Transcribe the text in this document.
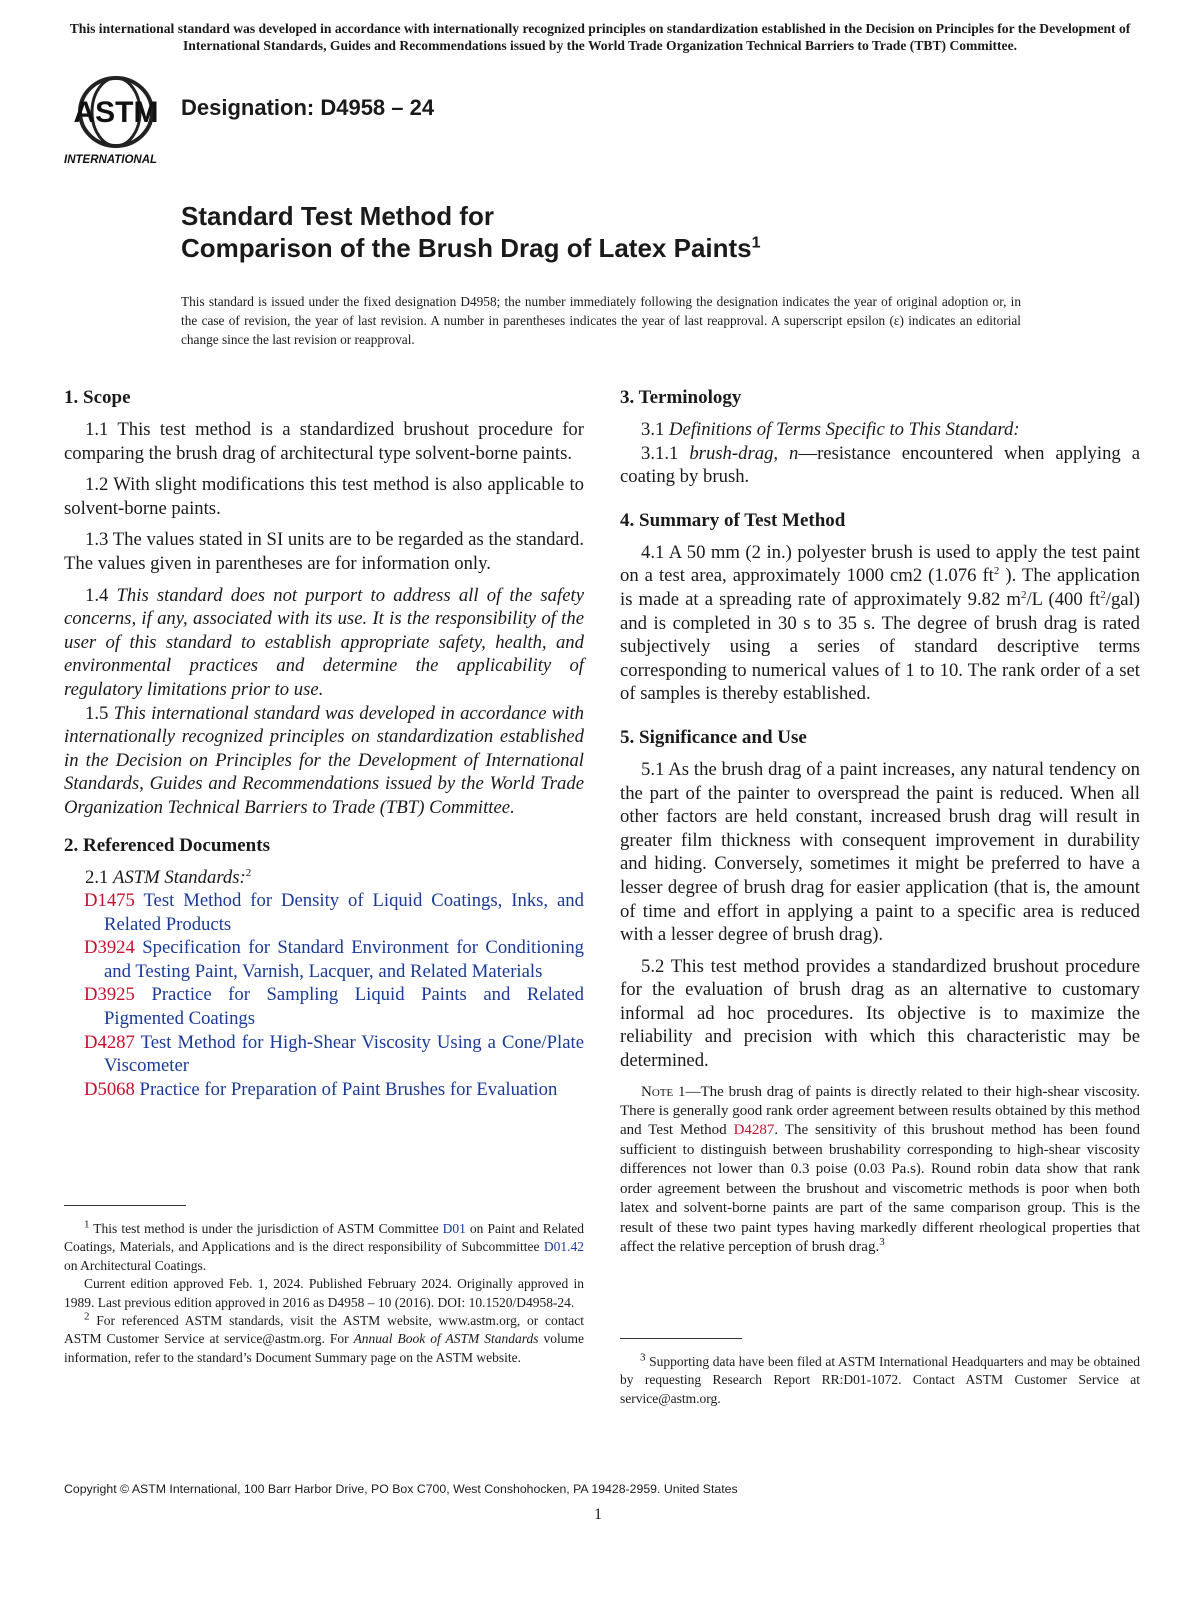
This international standard was developed in accordance with internationally recognized principles on standardization established in the Decision on Principles for the Development of International Standards, Guides and Recommendations issued by the World Trade Organization Technical Barriers to Trade (TBT) Committee.
ASTM
INTERNATIONAL
Designation: D4958 – 24
Standard Test Method for
Comparison of the Brush Drag of Latex Paints$^1$
This standard is issued under the fixed designation D4958; the number immediately following the designation indicates the year of original adoption or, in the case of revision, the year of last revision. A number in parentheses indicates the year of last reapproval. A superscript epsilon (ε) indicates an editorial change since the last revision or reapproval.
1. Scope

1.1 This test method is a standardized brushout procedure for comparing the brush drag of architectural type solvent-borne paints.

1.2 With slight modifications this test method is also applicable to solvent-borne paints.

1.3 The values stated in SI units are to be regarded as the standard. The values given in parentheses are for information only.

1.4 This standard does not purport to address all of the safety concerns, if any, associated with its use. It is the responsibility of the user of this standard to establish appropriate safety, health, and environmental practices and determine the applicability of regulatory limitations prior to use.

1.5 This international standard was developed in accordance with internationally recognized principles on standardization established in the Decision on Principles for the Development of International Standards, Guides and Recommendations issued by the World Trade Organization Technical Barriers to Trade (TBT) Committee.

2. Referenced Documents

2.1 ASTM Standards:$^2$

D1475 Test Method for Density of Liquid Coatings, Inks, and Related Products
D3924 Specification for Standard Environment for Conditioning and Testing Paint, Varnish, Lacquer, and Related Materials
D3925 Practice for Sampling Liquid Paints and Related Pigmented Coatings
D4287 Test Method for High-Shear Viscosity Using a Cone/Plate Viscometer
D5068 Practice for Preparation of Paint Brushes for Evaluation
3. Terminology

3.1 Definitions of Terms Specific to This Standard:

3.1.1 brush-drag, n—resistance encountered when applying a coating by brush.

4. Summary of Test Method

4.1 A 50 mm (2 in.) polyester brush is used to apply the test paint on a test area, approximately 1000 cm2 (1.076 $ft^2$ ). The application is made at a spreading rate of approximately 9.82 $m^2/L$ (400 $ft^2/gal$) and is completed in 30 s to 35 s. The degree of brush drag is rated subjectively using a series of standard descriptive terms corresponding to numerical values of 1 to 10. The rank order of a set of samples is thereby established.

5. Significance and Use

5.1 As the brush drag of a paint increases, any natural tendency on the part of the painter to overspread the paint is reduced. When all other factors are held constant, increased brush drag will result in greater film thickness with consequent improvement in durability and hiding. Conversely, sometimes it might be preferred to have a lesser degree of brush drag for easier application (that is, the amount of time and effort in applying a paint to a specific area is reduced with a lesser degree of brush drag).

5.2 This test method provides a standardized brushout procedure for the evaluation of brush drag as an alternative to customary informal ad hoc procedures. Its objective is to maximize the reliability and precision with which this characteristic may be determined.

Note 1—The brush drag of paints is directly related to their high-shear viscosity. There is generally good rank order agreement between results obtained by this method and Test Method D4287. The sensitivity of this brushout method has been found sufficient to distinguish between brushability corresponding to high-shear viscosity differences not lower than 0.3 poise (0.03 Pa.s). Round robin data show that rank order agreement between the brushout and viscometric methods is poor when both latex and solvent-borne paints are part of the same comparison group. This is the result of these two paint types having markedly different rheological properties that affect the relative perception of brush drag.$^3$

$^1$ This test method is under the jurisdiction of ASTM Committee D01 on Paint and Related Coatings, Materials, and Applications and is the direct responsibility of Subcommittee D01.42 on Architectural Coatings.

Current edition approved Feb. 1, 2024. Published February 2024. Originally approved in 1989. Last previous edition approved in 2016 as D4958 – 10 (2016). DOI: 10.1520/D4958-24.

$^2$ For referenced ASTM standards, visit the ASTM website, www.astm.org, or contact ASTM Customer Service at service@astm.org. For Annual Book of ASTM Standards volume information, refer to the standard’s Document Summary page on the ASTM website.	$^3$ Supporting data have been filed at ASTM International Headquarters and may be obtained by requesting Research Report RR:D01-1072. Contact ASTM Customer Service at service@astm.org.

Copyright © ASTM International, 100 Barr Harbor Drive, PO Box C700, West Conshohocken, PA 19428-2959. United States
1
